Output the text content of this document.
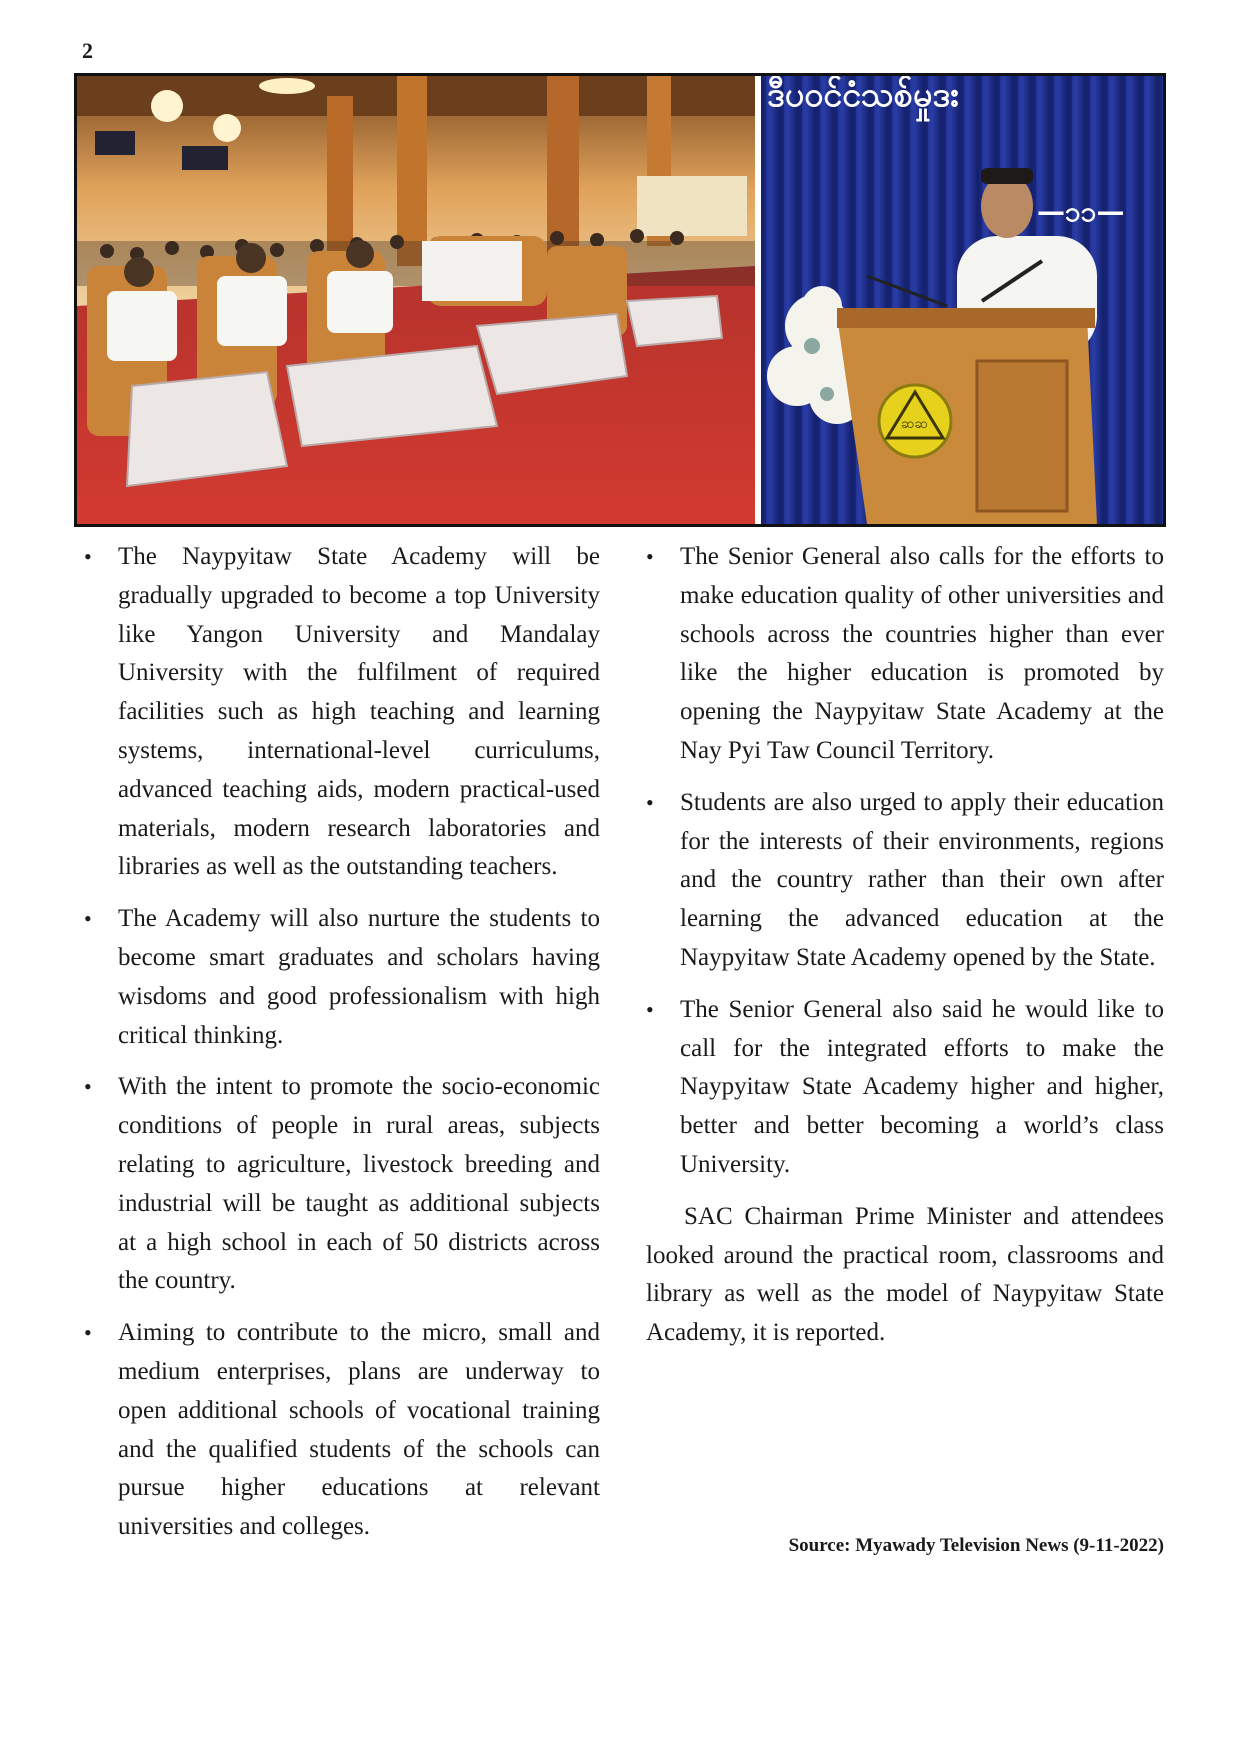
2
ဒီပဝင်ငံသစ်မှုဒး
—၁၁—
ဆဆ
•	The Naypyitaw State Academy will be gradually upgraded to become a top University like Yangon University and Mandalay University with the fulfilment of required facilities such as high teaching and learning systems, international-level curriculums, advanced teaching aids, modern practical-used materials, modern research laboratories and libraries as well as the outstanding teachers.
•	The Academy will also nurture the students to become smart graduates and scholars having wisdoms and good professionalism with high critical thinking.
•	With the intent to promote the socio-economic conditions of people in rural areas, subjects relating to agriculture, livestock breeding and industrial will be taught as additional subjects at a high school in each of 50 districts across the country.
•	Aiming to contribute to the micro, small and medium enterprises, plans are underway to open additional schools of vocational training and the qualified students of the schools can pursue higher educations at relevant universities and colleges.
•	The Senior General also calls for the efforts to make education quality of other universities and schools across the countries higher than ever like the higher education is promoted by opening the Naypyitaw State Academy at the Nay Pyi Taw Council Territory.
•	Students are also urged to apply their education for the interests of their environments, regions and the country rather than their own after learning the advanced education at the Naypyitaw State Academy opened by the State.
•	The Senior General also said he would like to call for the integrated efforts to make the Naypyitaw State Academy higher and higher, better and better becoming a world’s class University.

SAC Chairman Prime Minister and attendees looked around the practical room, classrooms and library as well as the model of Naypyitaw State Academy, it is reported.

Source: Myawady Television News (9-11-2022)
